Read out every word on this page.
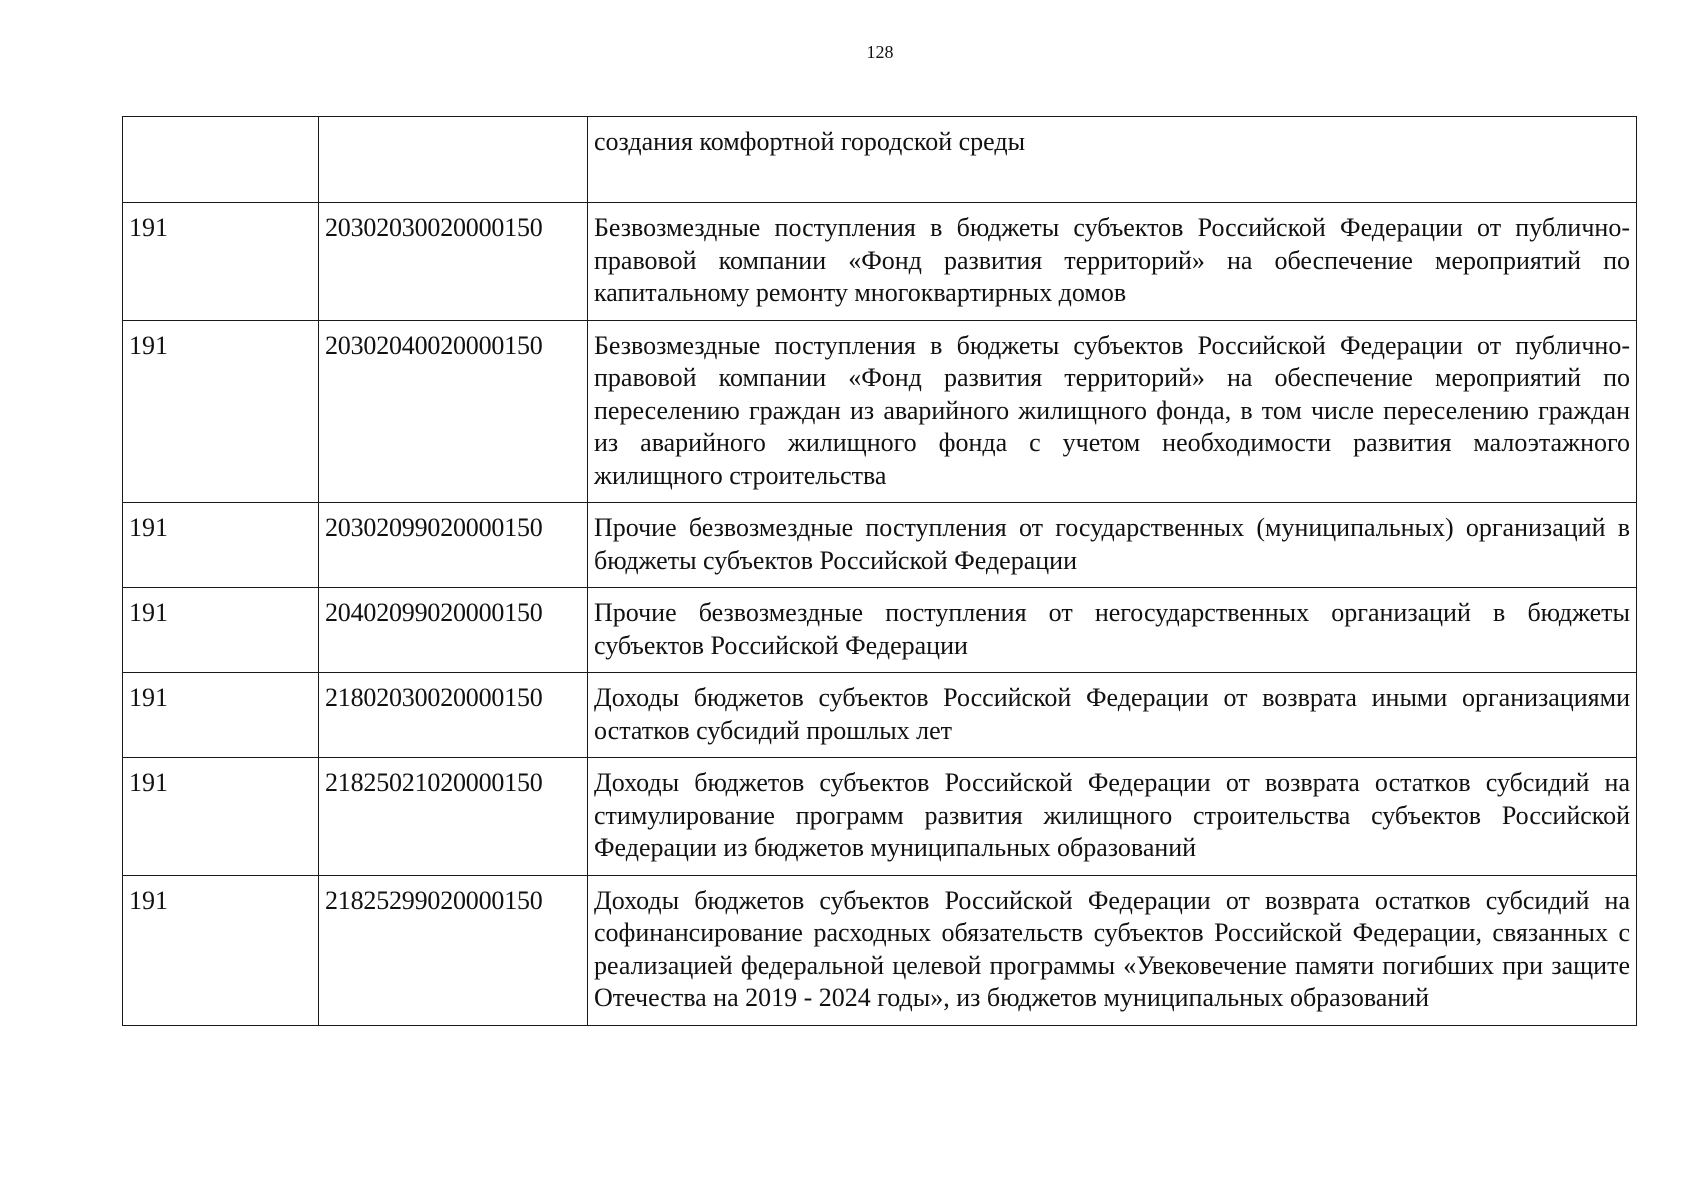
128
		создания комфортной городской среды
191	20302030020000150	Безвозмездные поступления в бюджеты субъектов Российской Федерации от публично-правовой компании «Фонд развития территорий» на обеспечение мероприятий по капитальному ремонту многоквартирных домов
191	20302040020000150	Безвозмездные поступления в бюджеты субъектов Российской Федерации от публично-правовой компании «Фонд развития территорий» на обеспечение мероприятий по переселению граждан из аварийного жилищного фонда, в том числе переселению граждан из аварийного жилищного фонда с учетом необходимости развития малоэтажного жилищного строительства
191	20302099020000150	Прочие безвозмездные поступления от государственных (муниципальных) организаций в бюджеты субъектов Российской Федерации
191	20402099020000150	Прочие безвозмездные поступления от негосударственных организаций в бюджеты субъектов Российской Федерации
191	21802030020000150	Доходы бюджетов субъектов Российской Федерации от возврата иными организациями остатков субсидий прошлых лет
191	21825021020000150	Доходы бюджетов субъектов Российской Федерации от возврата остатков субсидий на стимулирование программ развития жилищного строительства субъектов Российской Федерации из бюджетов муниципальных образований
191	21825299020000150	Доходы бюджетов субъектов Российской Федерации от возврата остатков субсидий на софинансирование расходных обязательств субъектов Российской Федерации, связанных с реализацией федеральной целевой программы «Увековечение памяти погибших при защите Отечества на 2019 - 2024 годы», из бюджетов муниципальных образований
